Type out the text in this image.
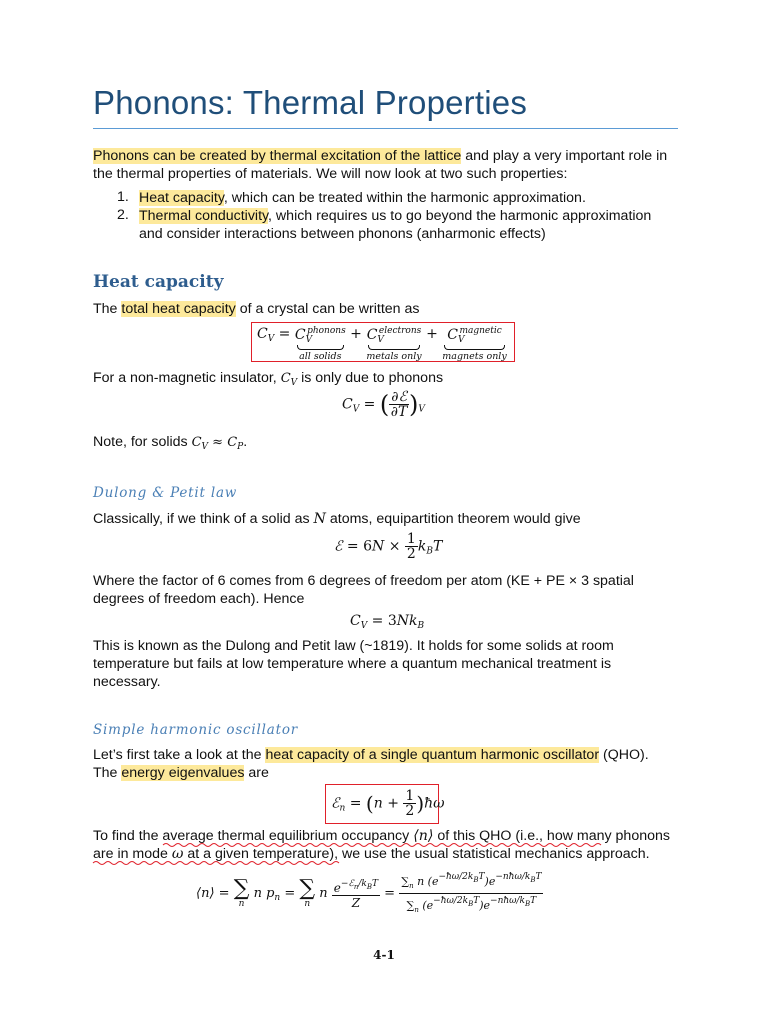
Phonons: Thermal Properties
Phonons can be created by thermal excitation of the lattice and play a very important role in
the thermal properties of materials. We will now look at two such properties:
1. Heat capacity, which can be treated within the harmonic approximation.
2. Thermal conductivity, which requires us to go beyond the harmonic approximation
and consider interactions between phonons (anharmonic effects)
Heat capacity
The total heat capacity of a crystal can be written as
$C_V = C_V^{phonons}$
all solids
+ $C_V^{electrons}$
metals only
+ $C_V^{magnetic}$
magnets only
For a non-magnetic insulator, $C_V$ is only due to phonons
$C_V$ = ( $\frac{\text{∂ℰ}}{\partial T} )_V$
Note, for solids $C_V \approx C_P$.
Dulong & Petit law
Classically, if we think of a solid as N atoms, equipartition theorem would give
ℰ = $6N \times \frac{1}{2} k_BT$
Where the factor of 6 comes from 6 degrees of freedom per atom (KE + PE × 3 spatial
degrees of freedom each). Hence
$C_V = 3Nk_B$
This is known as the Dulong and Petit law (~1819). It holds for some solids at room
temperature but fails at low temperature where a quantum mechanical treatment is
necessary.
Simple harmonic oscillator
Let’s first take a look at the heat capacity of a single quantum harmonic oscillator (QHO).
The energy eigenvalues are
ℰ$_n$ = ($n + \frac{1}{2}$ )ħω
To find the average thermal equilibrium occupancy ⟨n⟩ of this QHO (i.e., how many phonons
are in mode ω at a given temperature), we use the usual statistical mechanics approach.
⟨n⟩ = ∑
n
n $p_n$ = ∑
n
n $\frac{e^{-ℰ_n/k_BT}}{Z} = \frac{\sum_n n (e^{-ħ\omega/2k_BT})e^{-nħ\omega/k_BT}}{\sum_n (e^{-ħ\omega/2k_BT})e^{-nħ\omega/k_BT}}$
4-1
